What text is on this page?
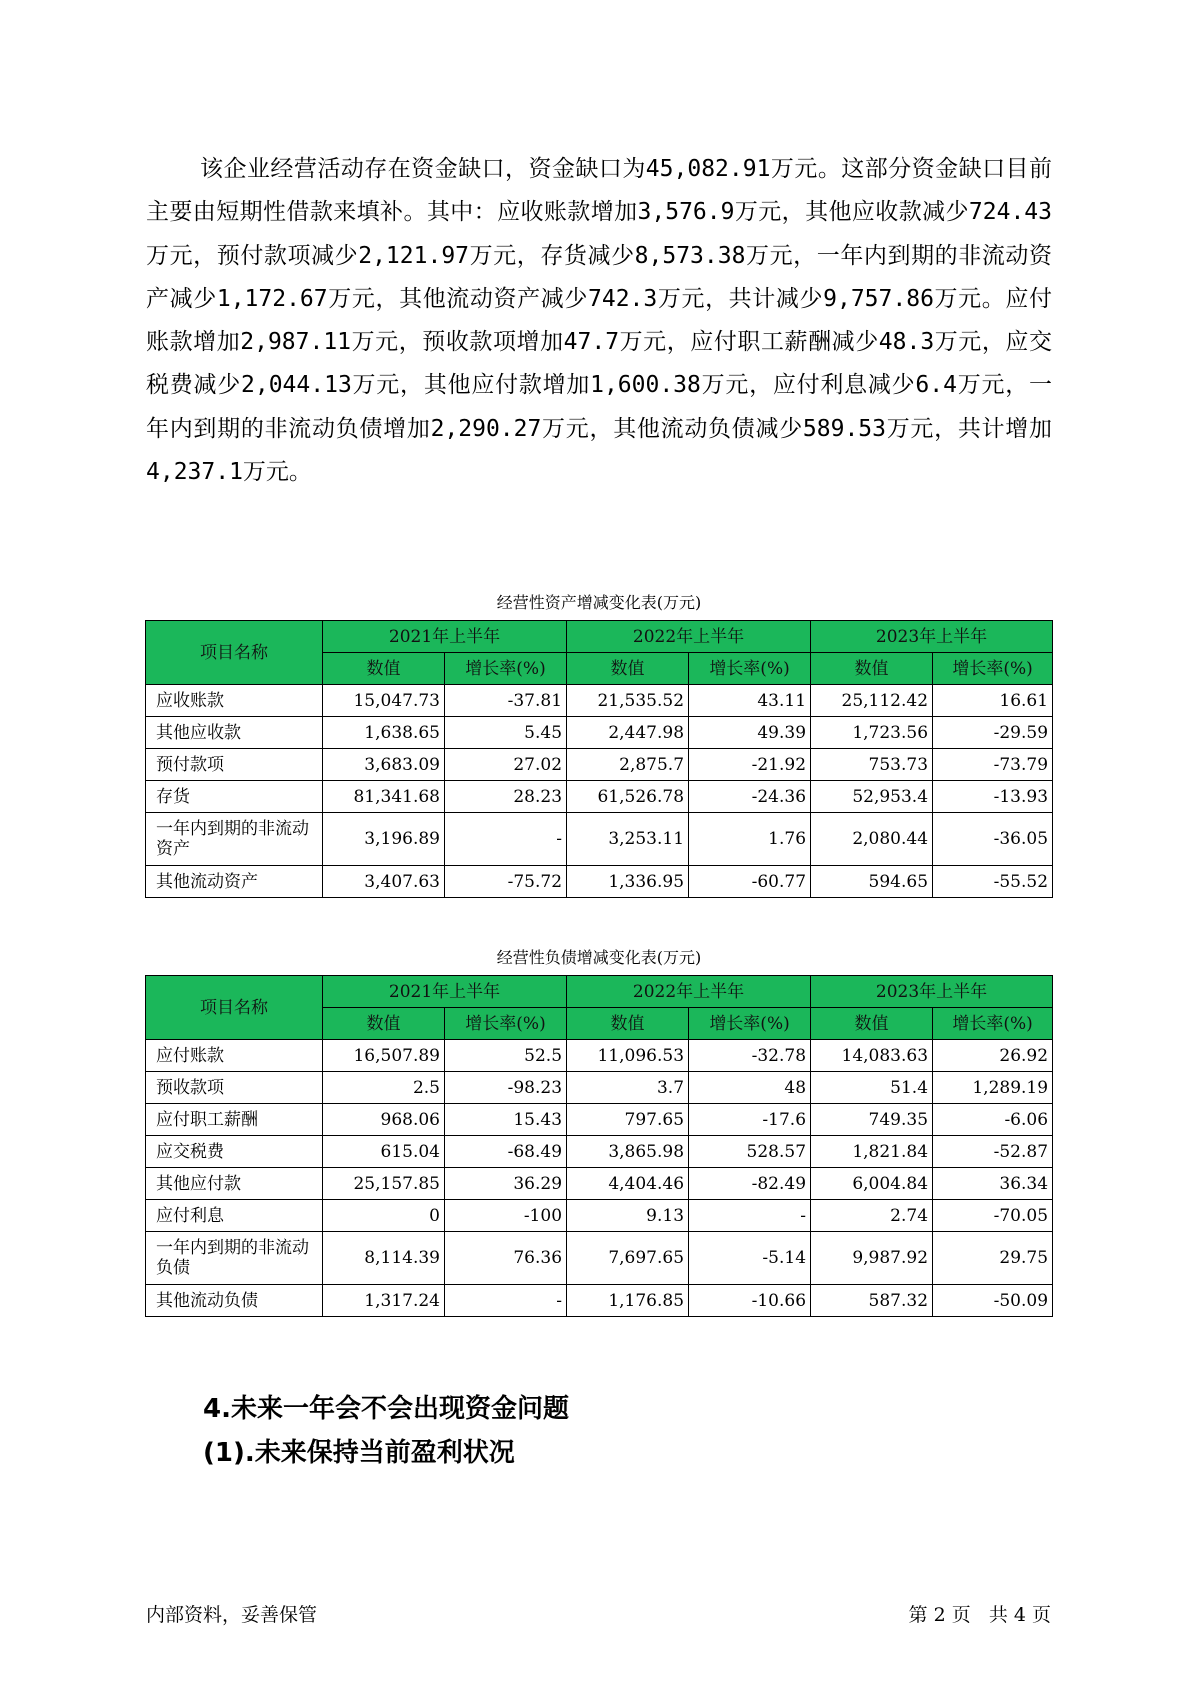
该企业经营活动存在资金缺口，资金缺口为45,082.91万元。这部分资金缺口目前主要由短期性借款来填补。其中：应收账款增加3,576.9万元，其他应收款减少724.43万元，预付款项减少2,121.97万元，存货减少8,573.38万元，一年内到期的非流动资产减少1,172.67万元，其他流动资产减少742.3万元，共计减少9,757.86万元。应付账款增加2,987.11万元，预收款项增加47.7万元，应付职工薪酬减少48.3万元，应交税费减少2,044.13万元，其他应付款增加1,600.38万元，应付利息减少6.4万元，一年内到期的非流动负债增加2,290.27万元，其他流动负债减少589.53万元，共计增加4,237.1万元。

经营性资产增减变化表(万元)
项目名称	2021年上半年		2022年上半年		2023年上半年	
	数值	增长率(%)	数值	增长率(%)	数值	增长率(%)
应收账款	15,047.73	-37.81	21,535.52	43.11	25,112.42	16.61
其他应收款	1,638.65	5.45	2,447.98	49.39	1,723.56	-29.59
预付款项	3,683.09	27.02	2,875.7	-21.92	753.73	-73.79
存货	81,341.68	28.23	61,526.78	-24.36	52,953.4	-13.93
一年内到期的非流动资产	3,196.89	-	3,253.11	1.76	2,080.44	-36.05
其他流动资产	3,407.63	-75.72	1,336.95	-60.77	594.65	-55.52
经营性负债增减变化表(万元)
项目名称	2021年上半年		2022年上半年		2023年上半年	
	数值	增长率(%)	数值	增长率(%)	数值	增长率(%)
应付账款	16,507.89	52.5	11,096.53	-32.78	14,083.63	26.92
预收款项	2.5	-98.23	3.7	48	51.4	1,289.19
应付职工薪酬	968.06	15.43	797.65	-17.6	749.35	-6.06
应交税费	615.04	-68.49	3,865.98	528.57	1,821.84	-52.87
其他应付款	25,157.85	36.29	4,404.46	-82.49	6,004.84	36.34
应付利息	0	-100	9.13	-	2.74	-70.05
一年内到期的非流动负债	8,114.39	76.36	7,697.65	-5.14	9,987.92	29.75
其他流动负债	1,317.24	-	1,176.85	-10.66	587.32	-50.09
4.未来一年会不会出现资金问题
(1).未来保持当前盈利状况
内部资料，妥善保管	第 2 页   共 4 页
